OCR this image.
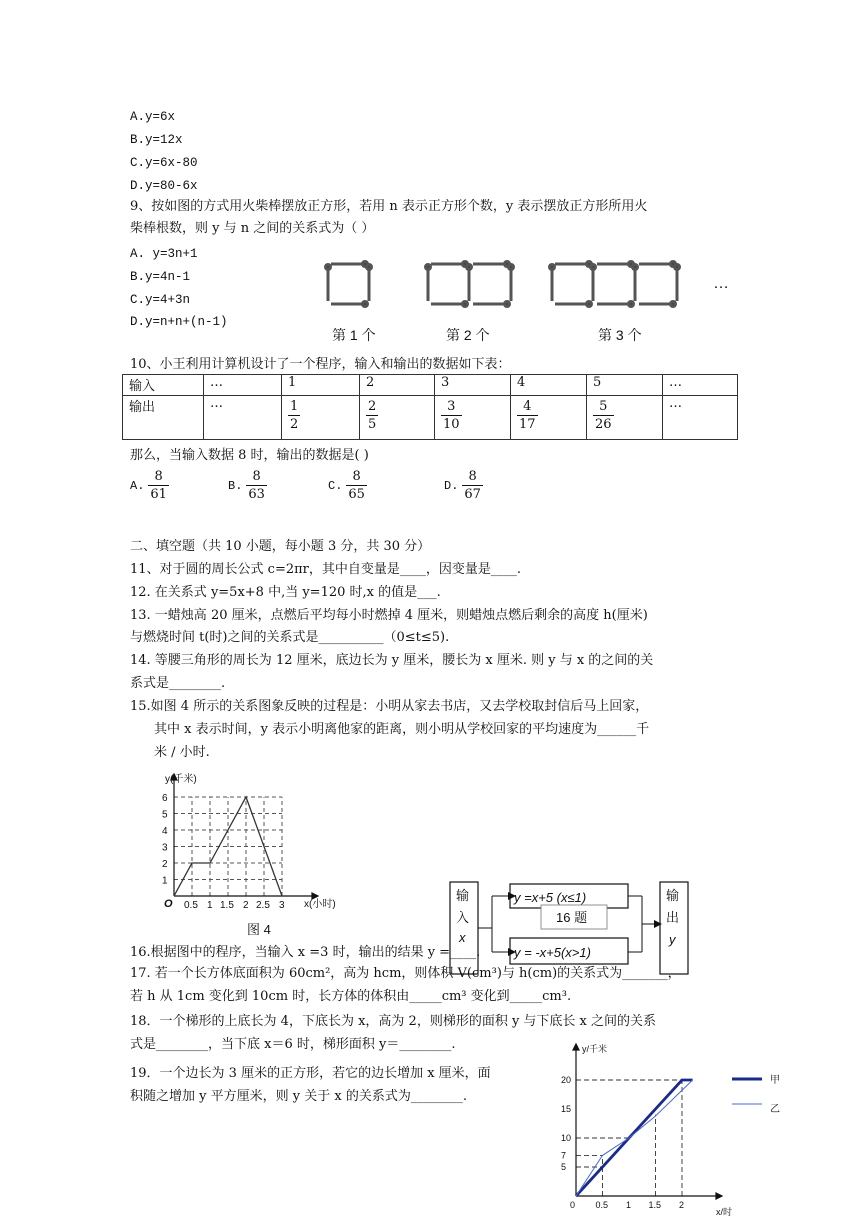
A.y=6x
B.y=12x
C.y=6x-80
D.y=80-6x
9、按如图的方式用火柴棒摆放正方形，若用 n 表示正方形个数，y 表示摆放正方形所用火
柴棒根数，则 y 与 n 之间的关系式为（ ）
A. y=3n+1
B.y=4n-1
C.y=4+3n
D.y=n+n+(n-1)
第 1 个	第 2 个	第 3 个
…
10、小王利用计算机设计了一个程序，输入和输出的数据如下表：
输入	…	1	2	3	4	5	…
输出	…	$\frac{1}{2}$	$\frac{2}{5}$	$\frac{3}{10}$	$\frac{4}{17}$	$\frac{5}{26}$	…
那么，当输入数据 8 时，输出的数据是( )
A. $\frac{8}{61}$	B. $\frac{8}{63}$	C. $\frac{8}{65}$	D. $\frac{8}{67}$
二、填空题（共 10 小题，每小题 3 分，共 30 分）
11、对于圆的周长公式 c=2πr，其中自变量是____，因变量是____.
12. 在关系式 y=5x+8 中,当 y=120 时,x 的值是___.
13. 一蜡烛高 20 厘米，点燃后平均每小时燃掉 4 厘米，则蜡烛点燃后剩余的高度 h(厘米)
与燃烧时间 t(时)之间的关系式是__________（0≤t≤5).
14. 等腰三角形的周长为 12 厘米，底边长为 y 厘米，腰长为 x 厘米. 则 y 与 x 的之间的关
系式是________.
15.如图 4 所示的关系图象反映的过程是：小明从家去书店，又去学校取封信后马上回家，
其中 x 表示时间，y 表示小明离他家的距离，则小明从学校回家的平均速度为______千
米 / 小时.
1
2
3
4
5
6
0.5 1 1.5 2 2.5 3
y(千米)
x(小时)
O
图 4
输
入
x
y =x+5 (x≤1)
y = -x+5(x>1)
16 题
输
出
y
16.根据图中的程序，当输入 x =3 时，输出的结果 y =____.
17. 若一个长方体底面积为 60cm²，高为 hcm，则体积 V(cm³)与 h(cm)的关系式为_______，
若 h 从 1cm 变化到 10cm 时，长方体的体积由_____cm³ 变化到_____cm³.
18．一个梯形的上底长为 4，下底长为 x，高为 2，则梯形的面积 y 与下底长 x 之间的关系
式是________，当下底 x＝6 时，梯形面积 y＝________.
19．一个边长为 3 厘米的正方形，若它的边长增加 x 厘米，面
积随之增加 y 平方厘米，则 y 关于 x 的关系式为________.
5
7
10
15
20
0.5 1 1.5 2
y/千米
x/时
0
甲
乙
